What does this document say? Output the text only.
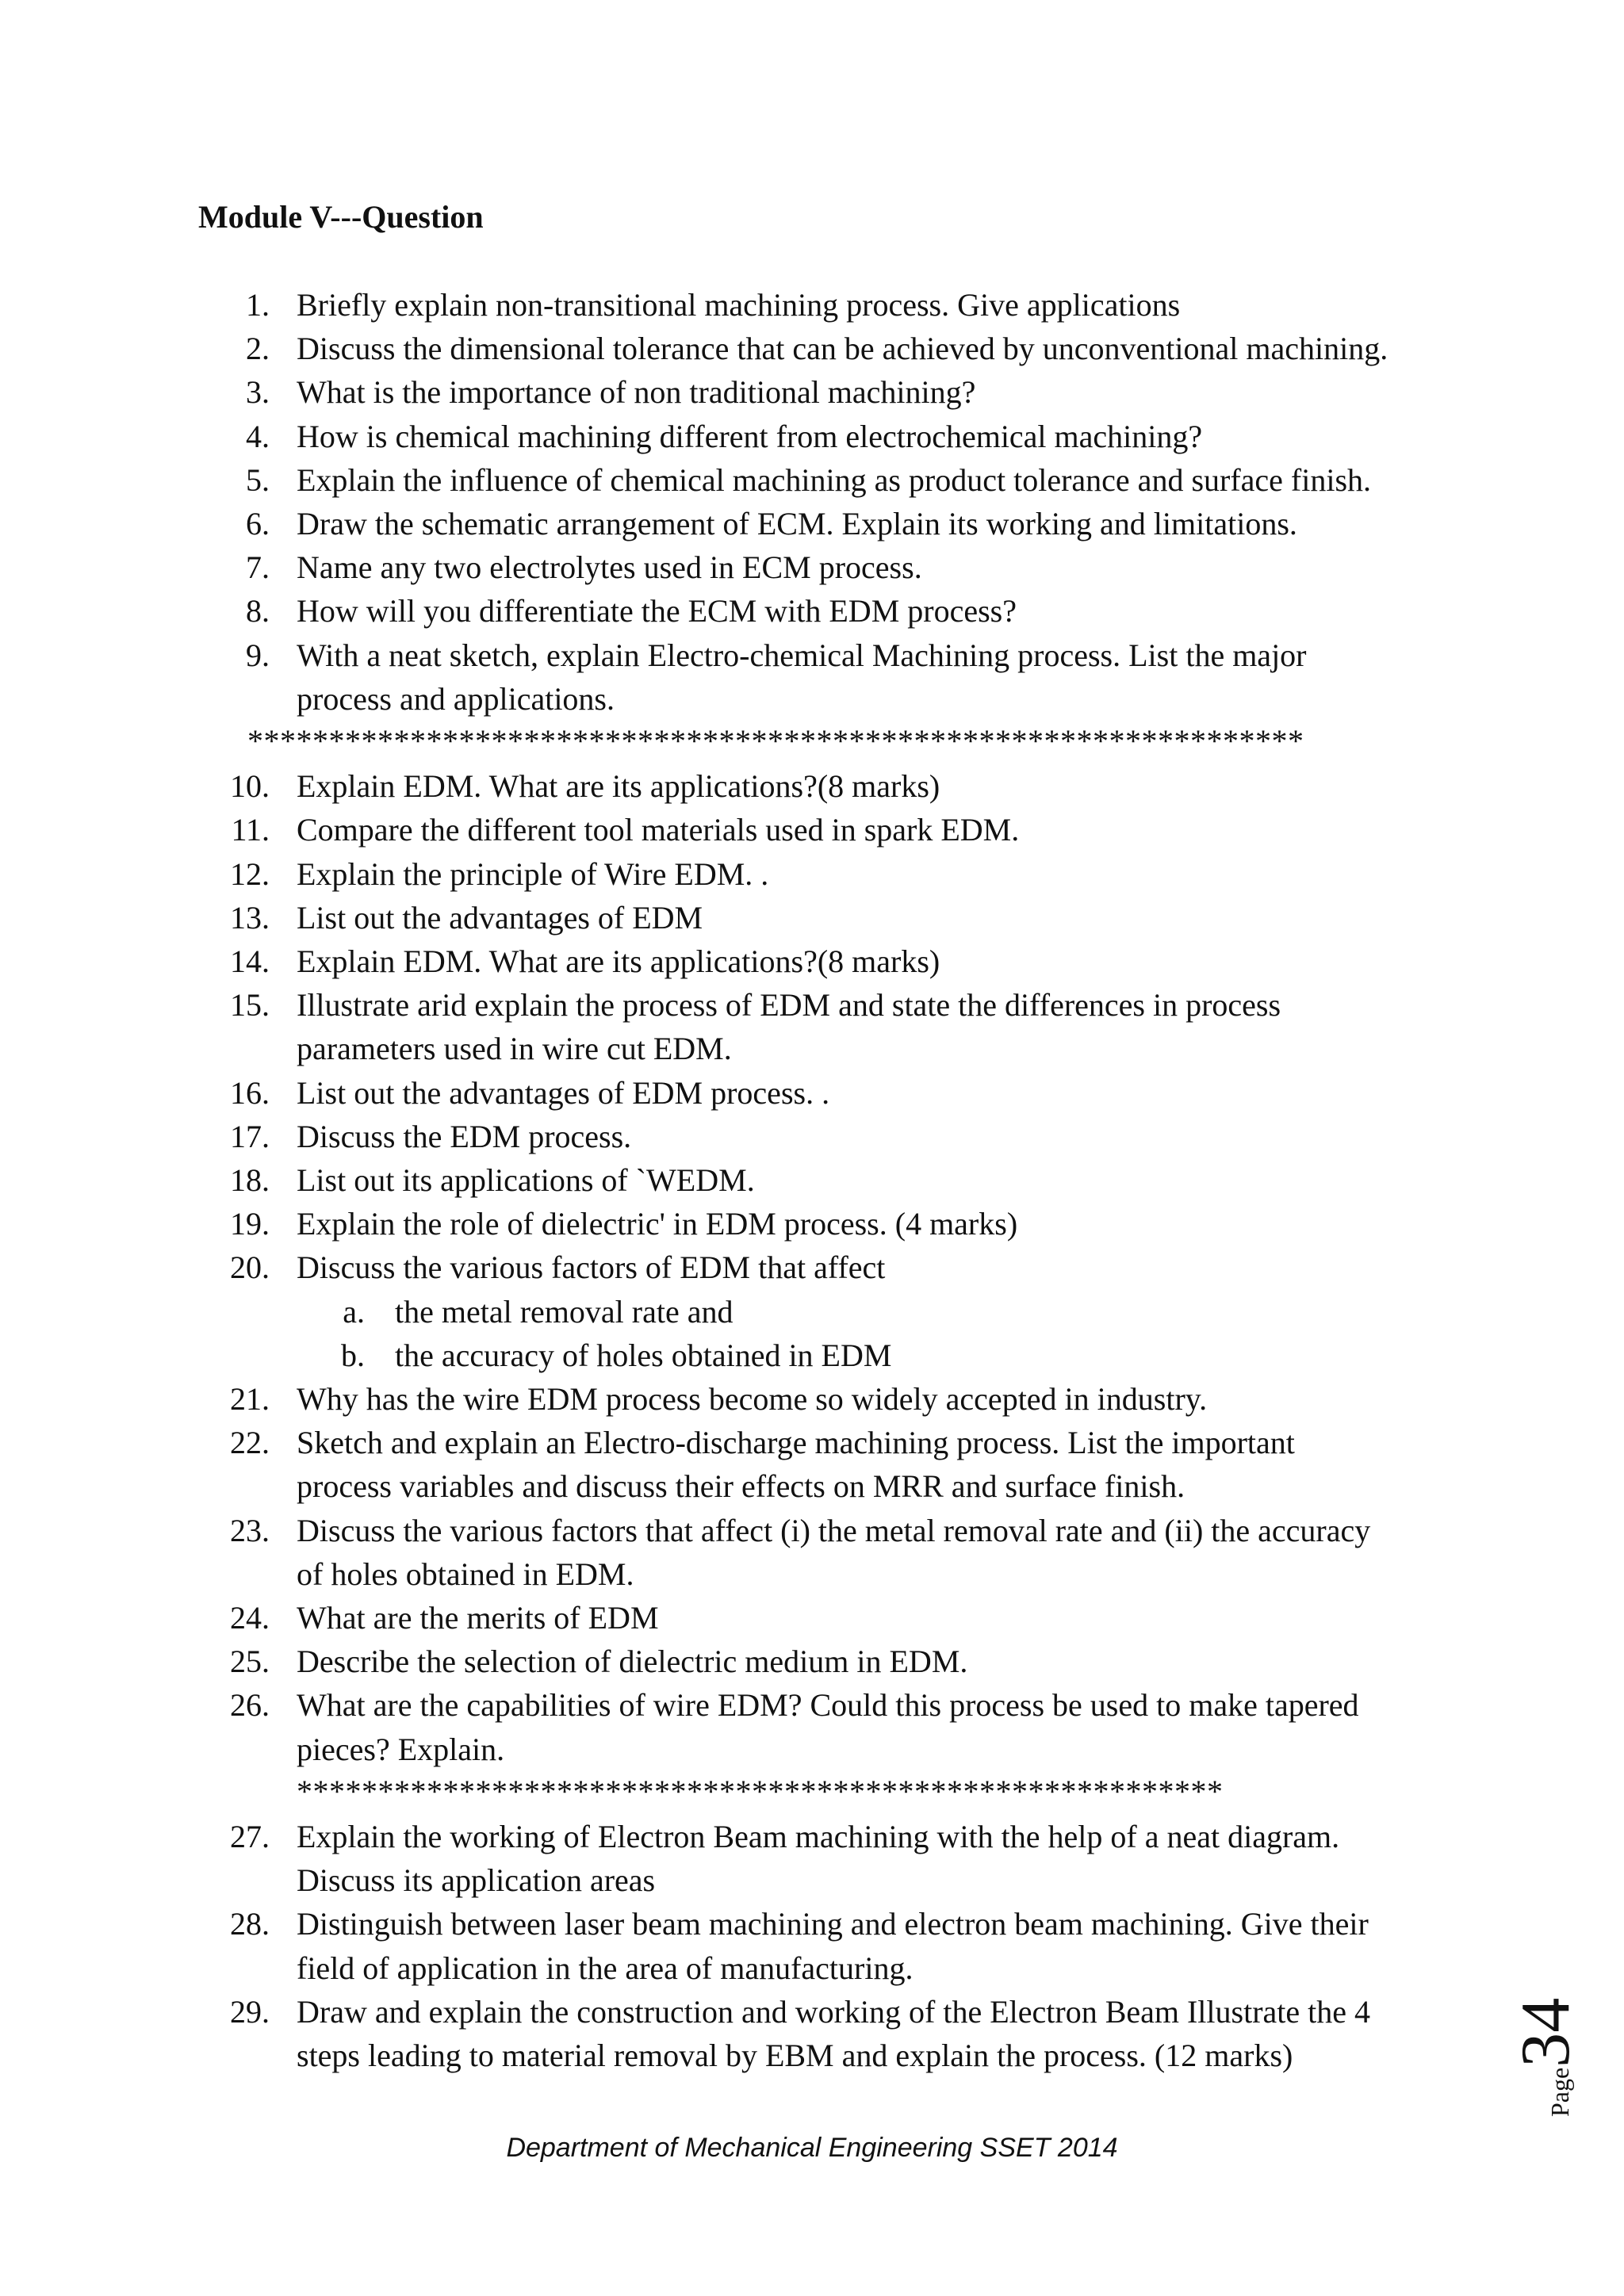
Module V---Question
1. Briefly explain non-transitional machining process. Give applications
2. Discuss the dimensional tolerance that can be achieved by unconventional machining.
3. What is the importance of non traditional machining?
4. How is chemical machining different from electrochemical machining?
5. Explain the influence of chemical machining as product tolerance and surface finish.
6. Draw the schematic arrangement of ECM. Explain its working and limitations.
7. Name any two electrolytes used in ECM process.
8. How will you differentiate the ECM with EDM process?
9. With a neat sketch, explain Electro-chemical Machining process. List the major
process and applications.
*****************************************************************
10. Explain EDM. What are its applications?(8 marks)
11. Compare the different tool materials used in spark EDM.
12. Explain the principle of Wire EDM. .
13. List out the advantages of EDM
14. Explain EDM. What are its applications?(8 marks)
15. Illustrate arid explain the process of EDM and state the differences in process
parameters used in wire cut EDM.
16. List out the advantages of EDM process. .
17. Discuss the EDM process.
18. List out its applications of `WEDM.
19. Explain the role of dielectric' in EDM process. (4 marks)
20. Discuss the various factors of EDM that affect
a. the metal removal rate and
b. the accuracy of holes obtained in EDM
21. Why has the wire EDM process become so widely accepted in industry.
22. Sketch and explain an Electro-discharge machining process. List the important
process variables and discuss their effects on MRR and surface finish.
23. Discuss the various factors that affect (i) the metal removal rate and (ii) the accuracy
of holes obtained in EDM.
24. What are the merits of EDM
25. Describe the selection of dielectric medium in EDM.
26. What are the capabilities of wire EDM? Could this process be used to make tapered
pieces? Explain.
*********************************************************
27. Explain the working of Electron Beam machining with the help of a neat diagram.
Discuss its application areas
28. Distinguish between laser beam machining and electron beam machining. Give their
field of application in the area of manufacturing.
29. Draw and explain the construction and working of the Electron Beam Illustrate the 4
steps leading to material removal by EBM and explain the process. (12 marks)
Department of Mechanical Engineering SSET 2014
Page34
